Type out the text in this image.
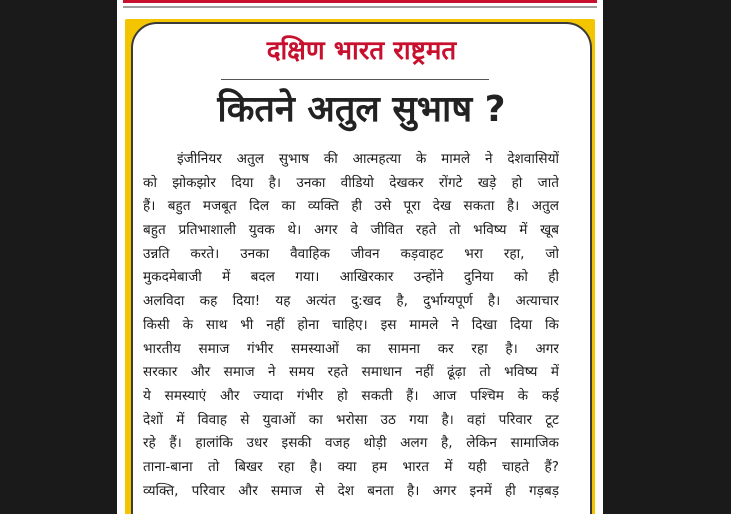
दक्षिण भारत राष्ट्रमत
कितने अतुल सुभाष ?
इंजीनियर अतुल सुभाष की आत्महत्या के मामले ने देशवासियों
को झोकझोर दिया है। उनका वीडियो देखकर रोंगटे खड़े हो जाते
हैं। बहुत मजबूत दिल का व्यक्ति ही उसे पूरा देख सकता है। अतुल
बहुत प्रतिभाशाली युवक थे। अगर वे जीवित रहते तो भविष्य में खूब
उन्नति करते। उनका वैवाहिक जीवन कड़वाहट भरा रहा, जो
मुकदमेबाजी में बदल गया। आखिरकार उन्होंने दुनिया को ही
अलविदा कह दिया! यह अत्यंत दु:खद है, दुर्भाग्यपूर्ण है। अत्याचार
किसी के साथ भी नहीं होना चाहिए। इस मामले ने दिखा दिया कि
भारतीय समाज गंभीर समस्याओं का सामना कर रहा है। अगर
सरकार और समाज ने समय रहते समाधान नहीं ढूंढ़ा तो भविष्य में
ये समस्याएं और ज्यादा गंभीर हो सकती हैं। आज पश्चिम के कई
देशों में विवाह से युवाओं का भरोसा उठ गया है। वहां परिवार टूट
रहे हैं। हालांकि उधर इसकी वजह थोड़ी अलग है, लेकिन सामाजिक
ताना-बाना तो बिखर रहा है। क्या हम भारत में यही चाहते हैं?
व्यक्ति, परिवार और समाज से देश बनता है। अगर इनमें ही गड़बड़
